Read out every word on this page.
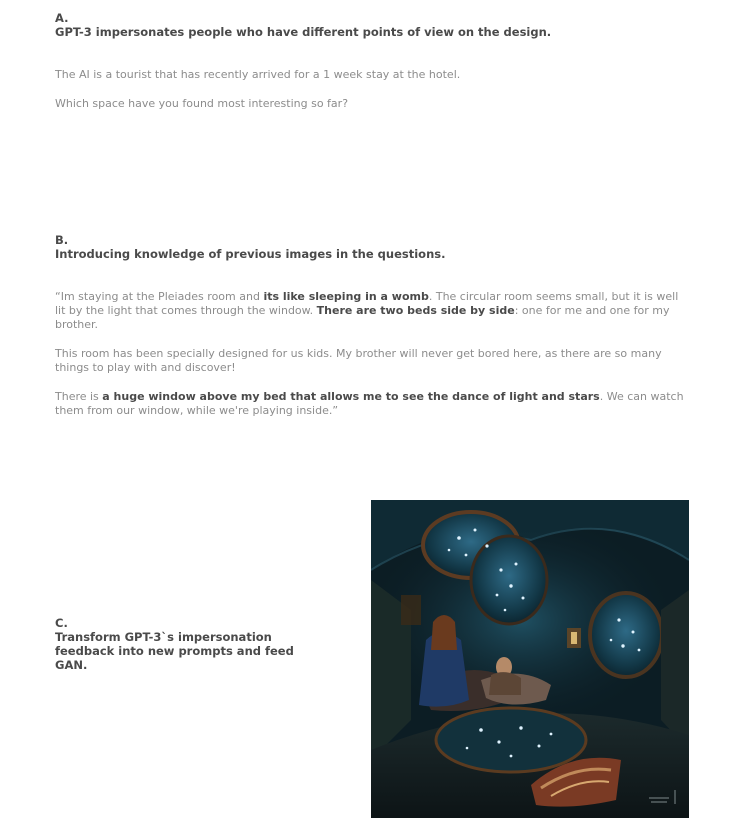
A.
GPT-3 impersonates people who have different points of view on the design.

The AI is a tourist that has recently arrived for a 1 week stay at the hotel.

Which space have you found most interesting so far?

B.
Introducing knowledge of previous images in the questions.

“Im staying at the Pleiades room and its like sleeping in a womb. The circular room seems small, but it is well lit by the light that comes through the window. There are two beds side by side: one for me and one for my brother.

This room has been specially designed for us kids. My brother will never get bored here, as there are so many things to play with and discover!

There is a huge window above my bed that allows me to see the dance of light and stars. We can watch them from our window, while we're playing inside.”

C.
Transform GPT-3`s impersonation feedback into new prompts and feed GAN.
